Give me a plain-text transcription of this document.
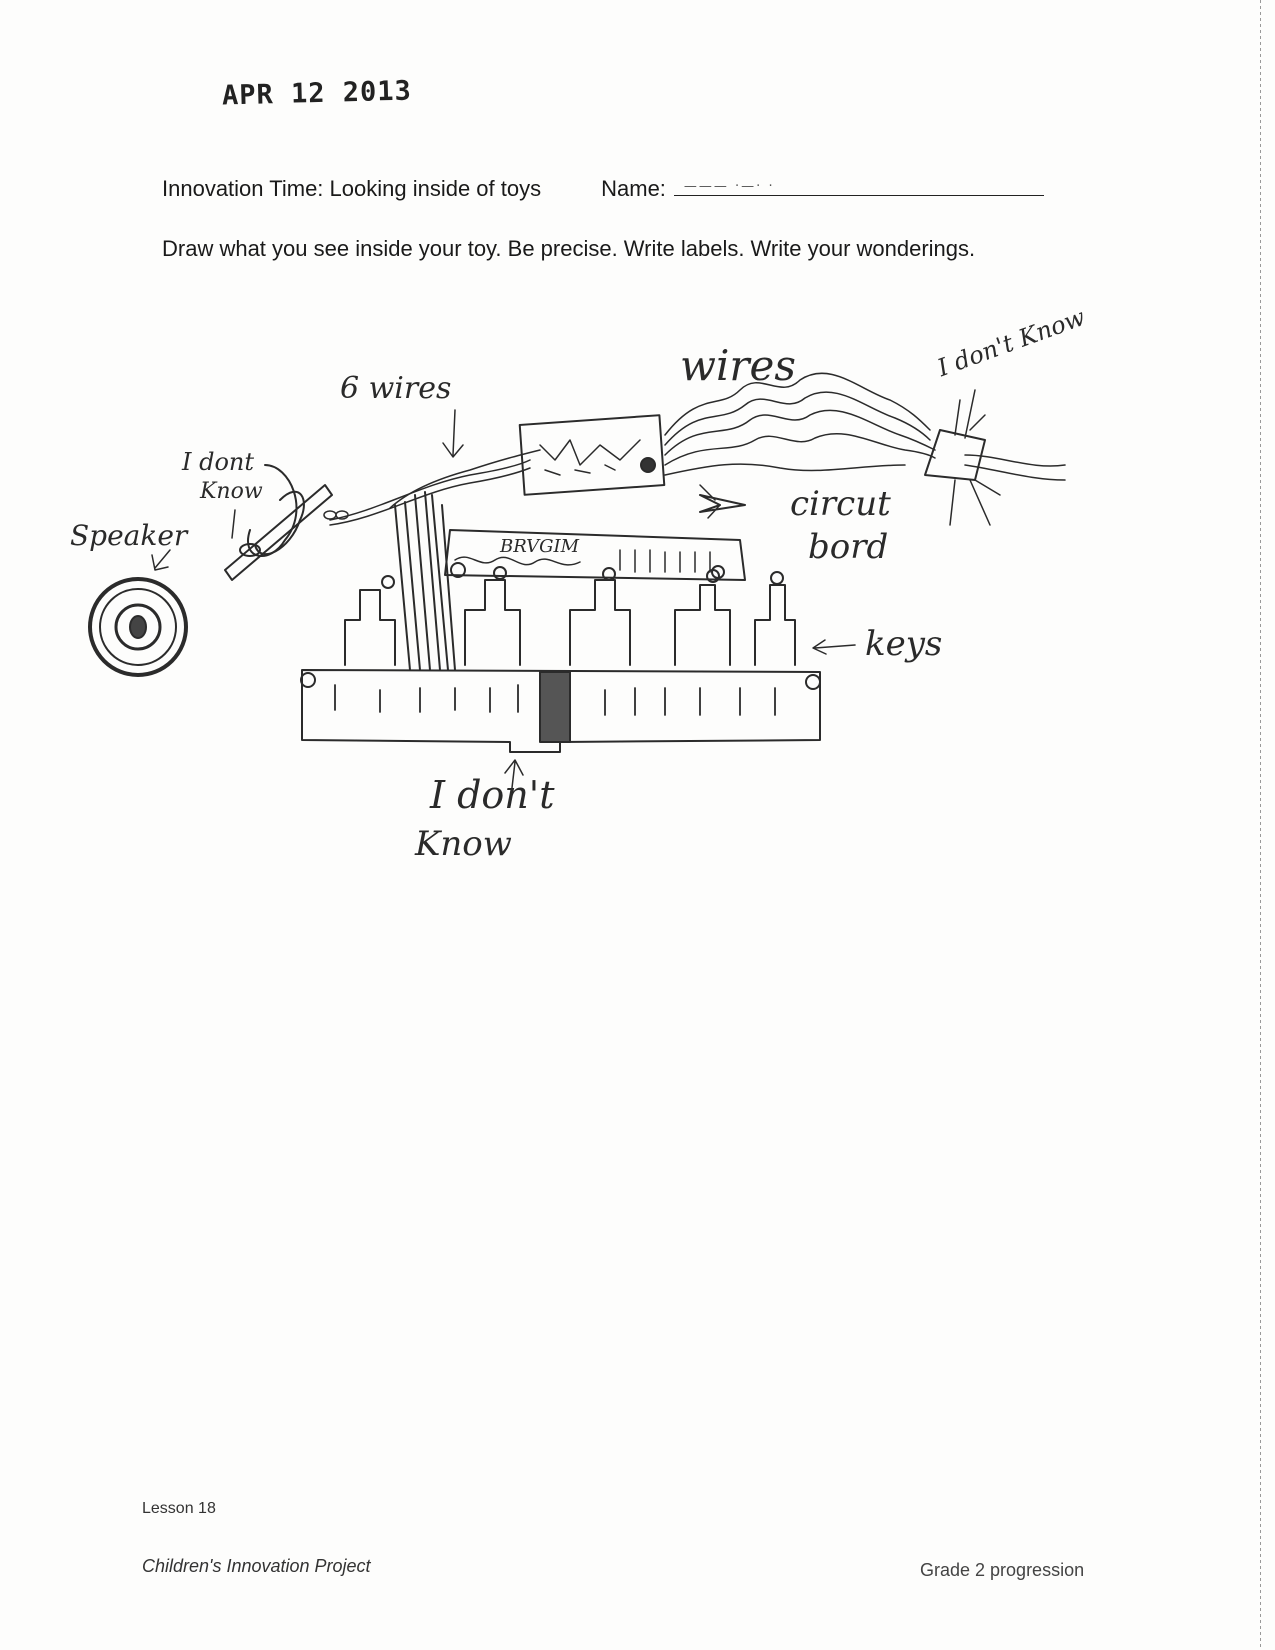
APR 12 2013
Innovation Time: Looking inside of toys	Name: ——— ·—· ·
Draw what you see inside your toy. Be precise. Write labels. Write your wonderings.
6 wires	wires	I don't Know
I dont
Know
Speaker
circut
bord
keys
I don't
Know
BRVGIM
Lesson 18
Children's Innovation Project	Grade 2 progression
